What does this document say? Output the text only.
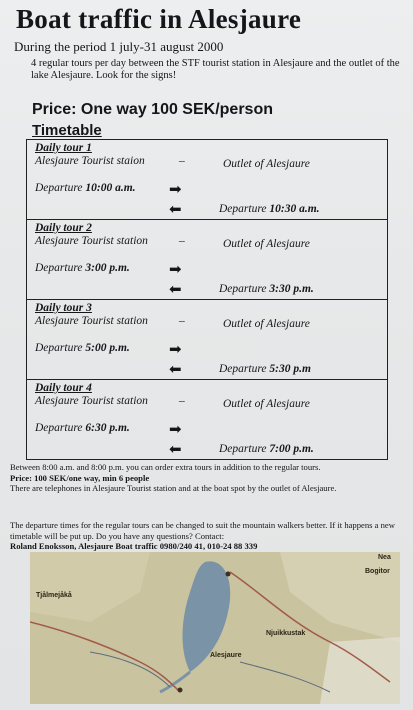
Boat traffic in Alesjaure
During the period 1 july-31 august 2000
4 regular tours per day between the STF tourist station in Alesjaure and the outlet of the lake Alesjaure. Look for the signs!
Price: One way 100 SEK/person
Timetable
Daily tour 1
Alesjaure Tourist staion	–	Outlet of Alesjaure
Departure 10:00 a.m. ➡
⬅	Departure 10:30 a.m.
Daily tour 2
Alesjaure Tourist station	–	Outlet of Alesjaure
Departure 3:00 p.m.	➡
⬅	Departure 3:30 p.m.
Daily tour 3
Alesjaure Tourist station	–	Outlet of Alesjaure
Departure 5:00 p.m.	➡
⬅	Departure 5:30 p.m
Daily tour 4
Alesjaure Tourist station	–	Outlet of Alesjaure
Departure 6:30 p.m.	➡
⬅	Departure 7:00 p.m.
Between 8:00 a.m. and 8:00 p.m. you can order extra tours in addition to the regular tours.
Price: 100 SEK/one way, min 6 people
There are telephones in Alesjaure Tourist station and at the boat spot by the outlet of Alesjaure.
The departure times for the regular tours can be changed to suit the mountain walkers better. If it happens a new timetable will be put up. Do you have any questions? Contact:
Roland Enoksson, Alesjaure Boat traffic 0980/240 41, 010-24 88 339
Tjålmejåkå
Bogitor
Njuikkustak
Alesjaure
Nea
